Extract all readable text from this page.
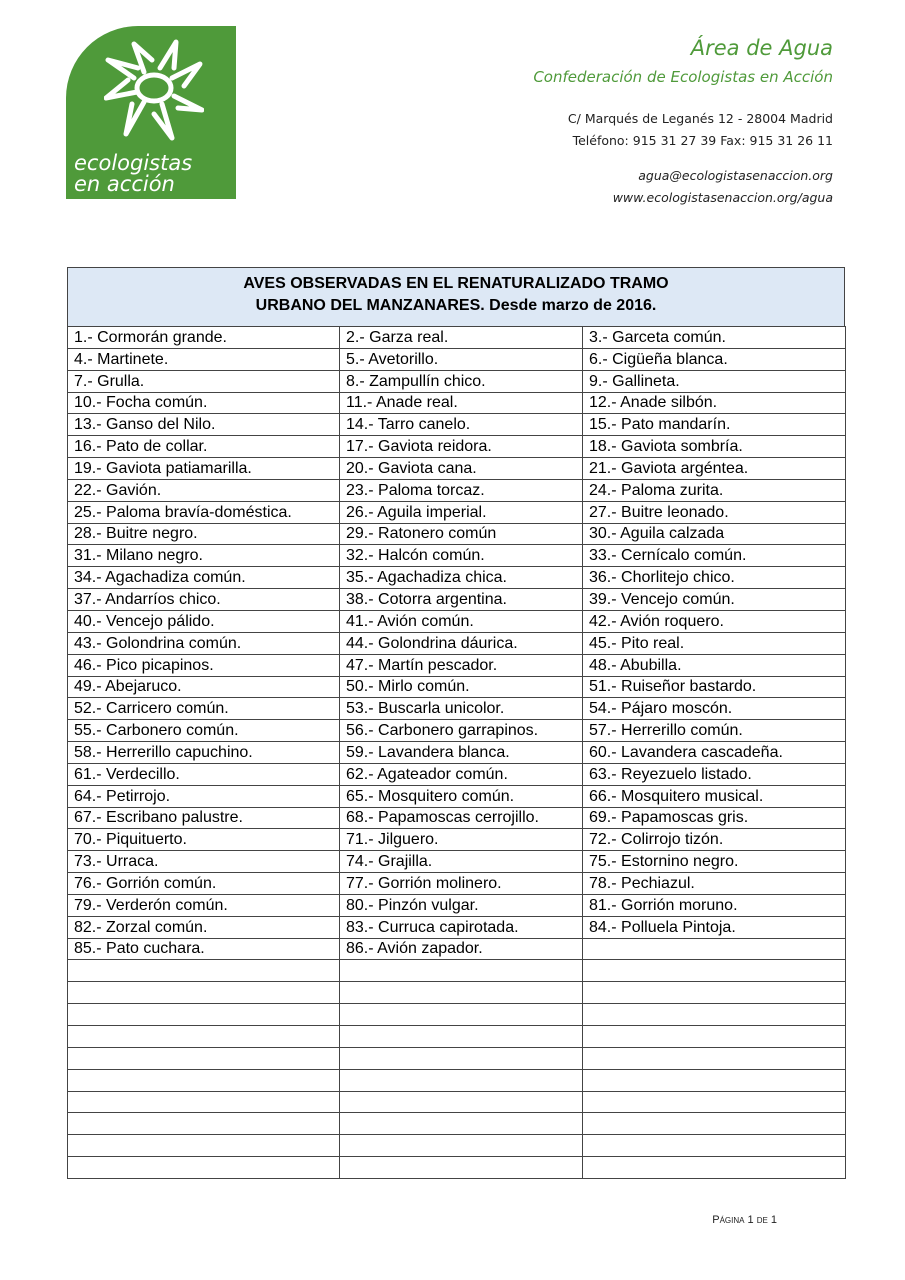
ecologistas
en acción
Área de Agua
Confederación de Ecologistas en Acción
C/ Marqués de Leganés 12 - 28004 Madrid
Teléfono: 915 31 27 39 Fax: 915 31 26 11
agua@ecologistasenaccion.org
www.ecologistasenaccion.org/agua
AVES OBSERVADAS EN EL RENATURALIZADO TRAMO
URBANO DEL MANZANARES. Desde marzo de 2016.
1.- Cormorán grande.	2.- Garza real.	3.- Garceta común.
4.- Martinete.	5.- Avetorillo.	6.- Cigüeña blanca.
7.- Grulla.	8.- Zampullín chico.	9.- Gallineta.
10.- Focha común.	11.- Anade real.	12.- Anade silbón.
13.- Ganso del Nilo.	14.- Tarro canelo.	15.- Pato mandarín.
16.- Pato de collar.	17.- Gaviota reidora.	18.- Gaviota sombría.
19.- Gaviota patiamarilla.	20.- Gaviota cana.	21.- Gaviota argéntea.
22.- Gavión.	23.- Paloma torcaz.	24.- Paloma zurita.
25.- Paloma bravía-doméstica.	26.- Aguila imperial.	27.- Buitre leonado.
28.- Buitre negro.	29.- Ratonero común	30.- Aguila calzada
31.- Milano negro.	32.- Halcón común.	33.- Cernícalo común.
34.- Agachadiza común.	35.- Agachadiza chica.	36.- Chorlitejo chico.
37.- Andarríos chico.	38.- Cotorra argentina.	39.- Vencejo común.
40.- Vencejo pálido.	41.- Avión común.	42.- Avión roquero.
43.- Golondrina común.	44.- Golondrina dáurica.	45.- Pito real.
46.- Pico picapinos.	47.- Martín pescador.	48.- Abubilla.
49.- Abejaruco.	50.- Mirlo común.	51.- Ruiseñor bastardo.
52.- Carricero común.	53.- Buscarla unicolor.	54.- Pájaro moscón.
55.- Carbonero común.	56.- Carbonero garrapinos.	57.- Herrerillo común.
58.- Herrerillo capuchino.	59.- Lavandera blanca.	60.- Lavandera cascadeña.
61.- Verdecillo.	62.- Agateador común.	63.- Reyezuelo listado.
64.- Petirrojo.	65.- Mosquitero común.	66.- Mosquitero musical.
67.- Escribano palustre.	68.- Papamoscas cerrojillo.	69.- Papamoscas gris.
70.- Piquituerto.	71.- Jilguero.	72.- Colirrojo tizón.
73.- Urraca.	74.- Grajilla.	75.- Estornino negro.
76.- Gorrión común.	77.- Gorrión molinero.	78.- Pechiazul.
79.- Verderón común.	80.- Pinzón vulgar.	81.- Gorrión moruno.
82.- Zorzal común.	83.- Curruca capirotada.	84.- Polluela Pintoja.
85.- Pato cuchara.	86.- Avión zapador.	

Página 1 de 1
